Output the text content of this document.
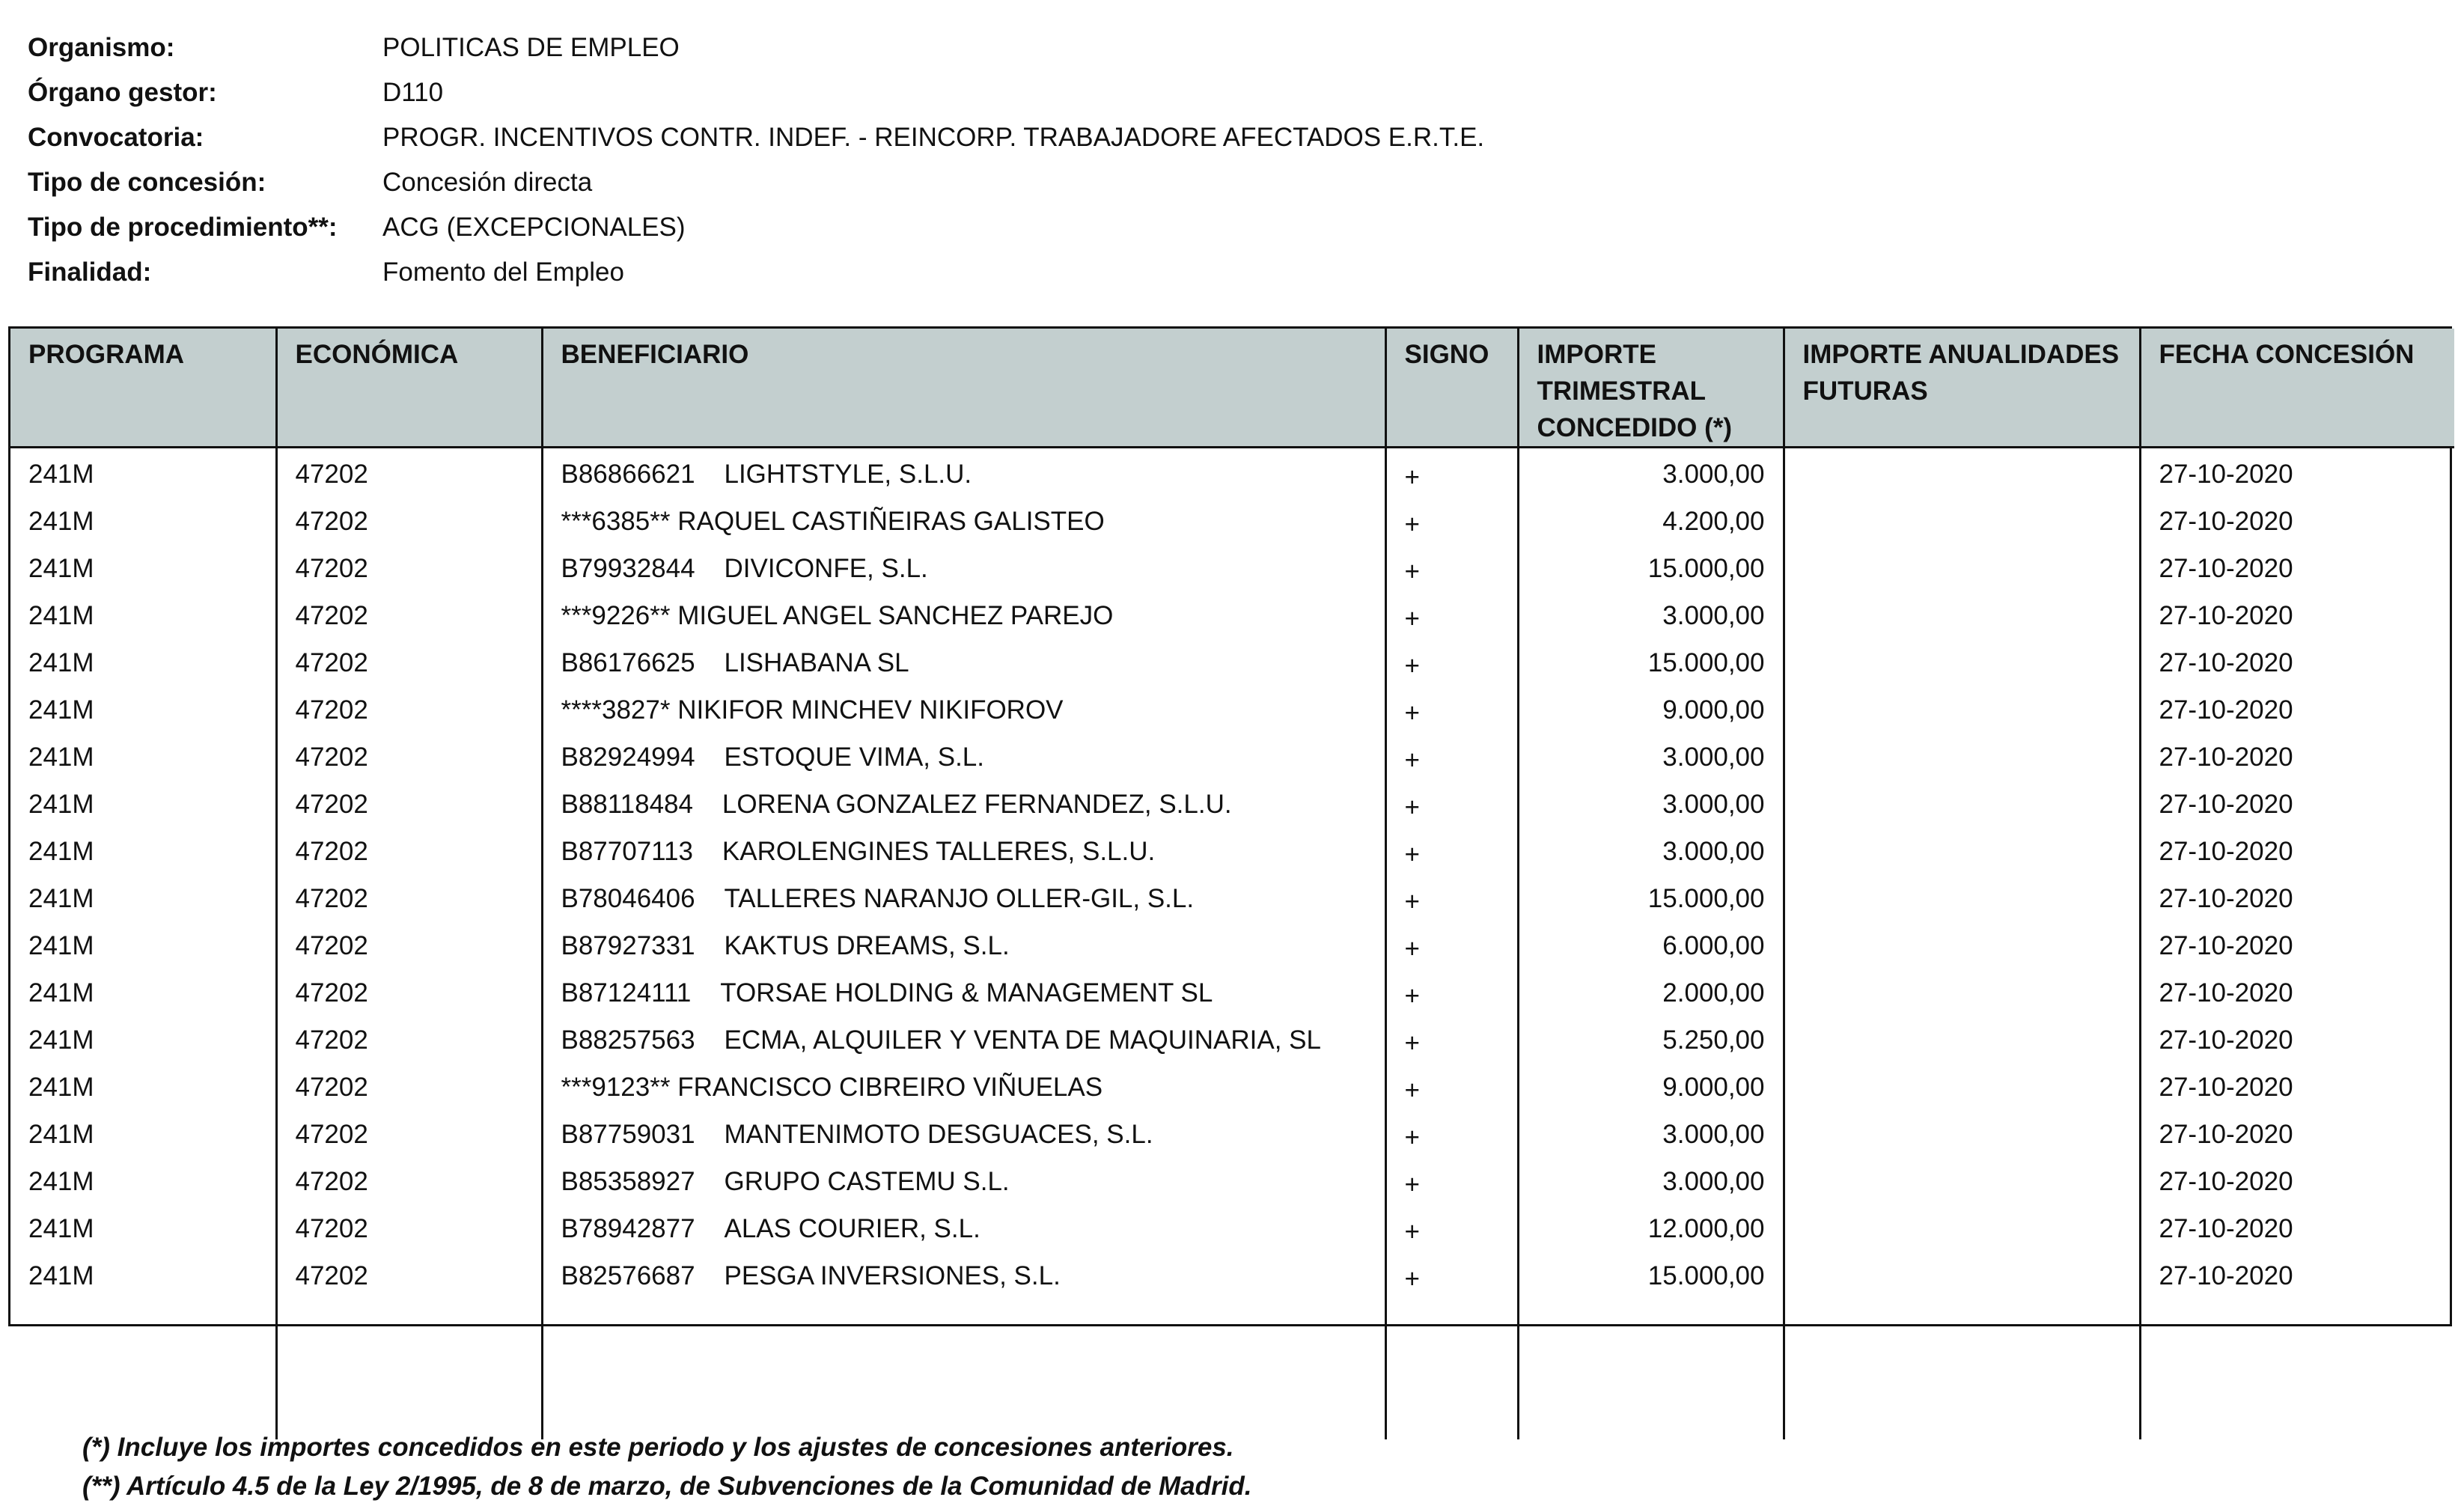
Organismo:	POLITICAS DE EMPLEO
Órgano gestor:	D110
Convocatoria:	PROGR. INCENTIVOS CONTR. INDEF. - REINCORP. TRABAJADORE AFECTADOS E.R.T.E.
Tipo de concesión:	Concesión directa
Tipo de procedimiento**: ACG (EXCEPCIONALES)
Finalidad:	Fomento del Empleo
PROGRAMA	ECONÓMICA	BENEFICIARIO	SIGNO	IMPORTE TRIMESTRAL CONCEDIDO (*)	IMPORTE ANUALIDADES FUTURAS	FECHA CONCESIÓN
241M	47202	B86866621 LIGHTSTYLE, S.L.U.	+	3.000,00		27-10-2020
241M	47202	***6385** RAQUEL CASTIÑEIRAS GALISTEO	+	4.200,00		27-10-2020
241M	47202	B79932844 DIVICONFE, S.L.	+	15.000,00		27-10-2020
241M	47202	***9226** MIGUEL ANGEL SANCHEZ PAREJO	+	3.000,00		27-10-2020
241M	47202	B86176625 LISHABANA SL	+	15.000,00		27-10-2020
241M	47202	****3827* NIKIFOR MINCHEV NIKIFOROV	+	9.000,00		27-10-2020
241M	47202	B82924994 ESTOQUE VIMA, S.L.	+	3.000,00		27-10-2020
241M	47202	B88118484 LORENA GONZALEZ FERNANDEZ, S.L.U.	+	3.000,00		27-10-2020
241M	47202	B87707113 KAROLENGINES TALLERES, S.L.U.	+	3.000,00		27-10-2020
241M	47202	B78046406 TALLERES NARANJO OLLER-GIL, S.L.	+	15.000,00		27-10-2020
241M	47202	B87927331 KAKTUS DREAMS, S.L.	+	6.000,00		27-10-2020
241M	47202	B87124111 TORSAE HOLDING & MANAGEMENT SL	+	2.000,00		27-10-2020
241M	47202	B88257563 ECMA, ALQUILER Y VENTA DE MAQUINARIA, SL	+	5.250,00		27-10-2020
241M	47202	***9123** FRANCISCO CIBREIRO VIÑUELAS	+	9.000,00		27-10-2020
241M	47202	B87759031 MANTENIMOTO DESGUACES, S.L.	+	3.000,00		27-10-2020
241M	47202	B85358927 GRUPO CASTEMU S.L.	+	3.000,00		27-10-2020
241M	47202	B78942877 ALAS COURIER, S.L.	+	12.000,00		27-10-2020
241M	47202	B82576687 PESGA INVERSIONES, S.L.	+	15.000,00		27-10-2020

(*) Incluye los importes concedidos en este periodo y los ajustes de concesiones anteriores.
(**) Artículo 4.5 de la Ley 2/1995, de 8 de marzo, de Subvenciones de la Comunidad de Madrid.
